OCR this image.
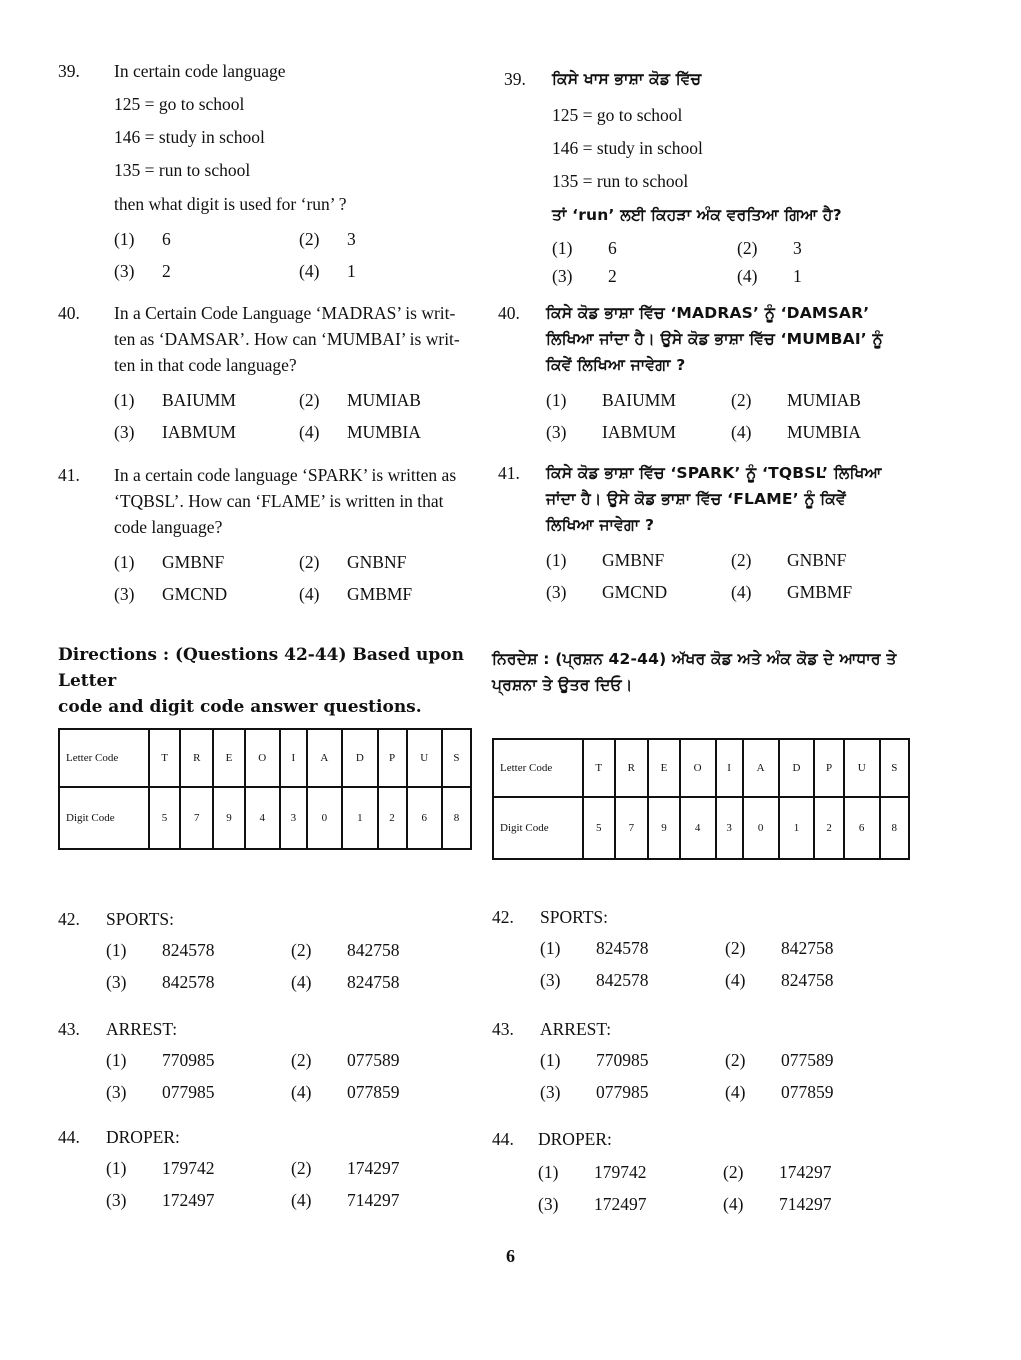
39. In certain code language
125 = go to school
146 = study in school
135 = run to school
then what digit is used for ‘run’ ?
(1)	6	(2)	3
(3)	2	(4)	1
40. In a Certain Code Language ‘MADRAS’ is writ-
ten as ‘DAMSAR’. How can ‘MUMBAI’ is writ-
ten in that code language?
(1)	BAIUMM	(2)	MUMIAB
(3)	IABMUM	(4)	MUMBIA
41. In a certain code language ‘SPARK’ is written as
‘TQBSL’. How can ‘FLAME’ is written in that
code language?
(1)	GMBNF	(2)	GNBNF
(3)	GMCND	(4)	GMBMF
Directions : (Questions 42-44) Based upon Letter
code and digit code answer questions.
Letter Code	T	R	E	O	I	A	D	P	U	S
Digit Code	5	7	9	4	3	0	1	2	6	8
42. SPORTS:
(1)	824578	(2)	842758
(3)	842578	(4)	824758
43. ARREST:
(1)	770985	(2)	077589
(3)	077985	(4)	077859
44. DROPER:
(1)	179742	(2)	174297
(3)	172497	(4)	714297
39. ਕਿਸੇ ਖਾਸ ਭਾਸ਼ਾ ਕੋਡ ਵਿੱਚ
125 = go to school
146 = study in school
135 = run to school
ਤਾਂ ‘run’ ਲਈ ਕਿਹੜਾ ਅੰਕ ਵਰਤਿਆ ਗਿਆ ਹੈ?
(1)	6	(2)	3
(3)	2	(4)	1
40. ਕਿਸੇ ਕੋਡ ਭਾਸ਼ਾ ਵਿੱਚ ‘MADRAS’ ਨੂੰ ‘DAMSAR’
ਲਿਖਿਆ ਜਾਂਦਾ ਹੈ। ਉਸੇ ਕੋਡ ਭਾਸ਼ਾ ਵਿੱਚ ‘MUMBAI’ ਨੂੰ
ਕਿਵੇਂ ਲਿਖਿਆ ਜਾਵੇਗਾ ?
(1)	BAIUMM	(2)	MUMIAB
(3)	IABMUM	(4)	MUMBIA
41. ਕਿਸੇ ਕੋਡ ਭਾਸ਼ਾ ਵਿੱਚ ‘SPARK’ ਨੂੰ ‘TQBSL’ ਲਿਖਿਆ
ਜਾਂਦਾ ਹੈ। ਉਸੇ ਕੋਡ ਭਾਸ਼ਾ ਵਿੱਚ ‘FLAME’ ਨੂੰ ਕਿਵੇਂ
ਲਿਖਿਆ ਜਾਵੇਗਾ ?
(1)	GMBNF	(2)	GNBNF
(3)	GMCND	(4)	GMBMF
ਨਿਰਦੇਸ਼ : (ਪ੍ਰਸ਼ਨ 42-44) ਅੱਖਰ ਕੋਡ ਅਤੇ ਅੰਕ ਕੋਡ ਦੇ ਆਧਾਰ ਤੇ
ਪ੍ਰਸ਼ਨਾ ਤੇ ਉਤਰ ਦਿਓ।
Letter Code	T	R	E	O	I	A	D	P	U	S
Digit Code	5	7	9	4	3	0	1	2	6	8
42. SPORTS:
(1)	824578	(2)	842758
(3)	842578	(4)	824758
43. ARREST:
(1)	770985	(2)	077589
(3)	077985	(4)	077859
44. DROPER:
(1)	179742	(2)	174297
(3)	172497	(4)	714297
6
